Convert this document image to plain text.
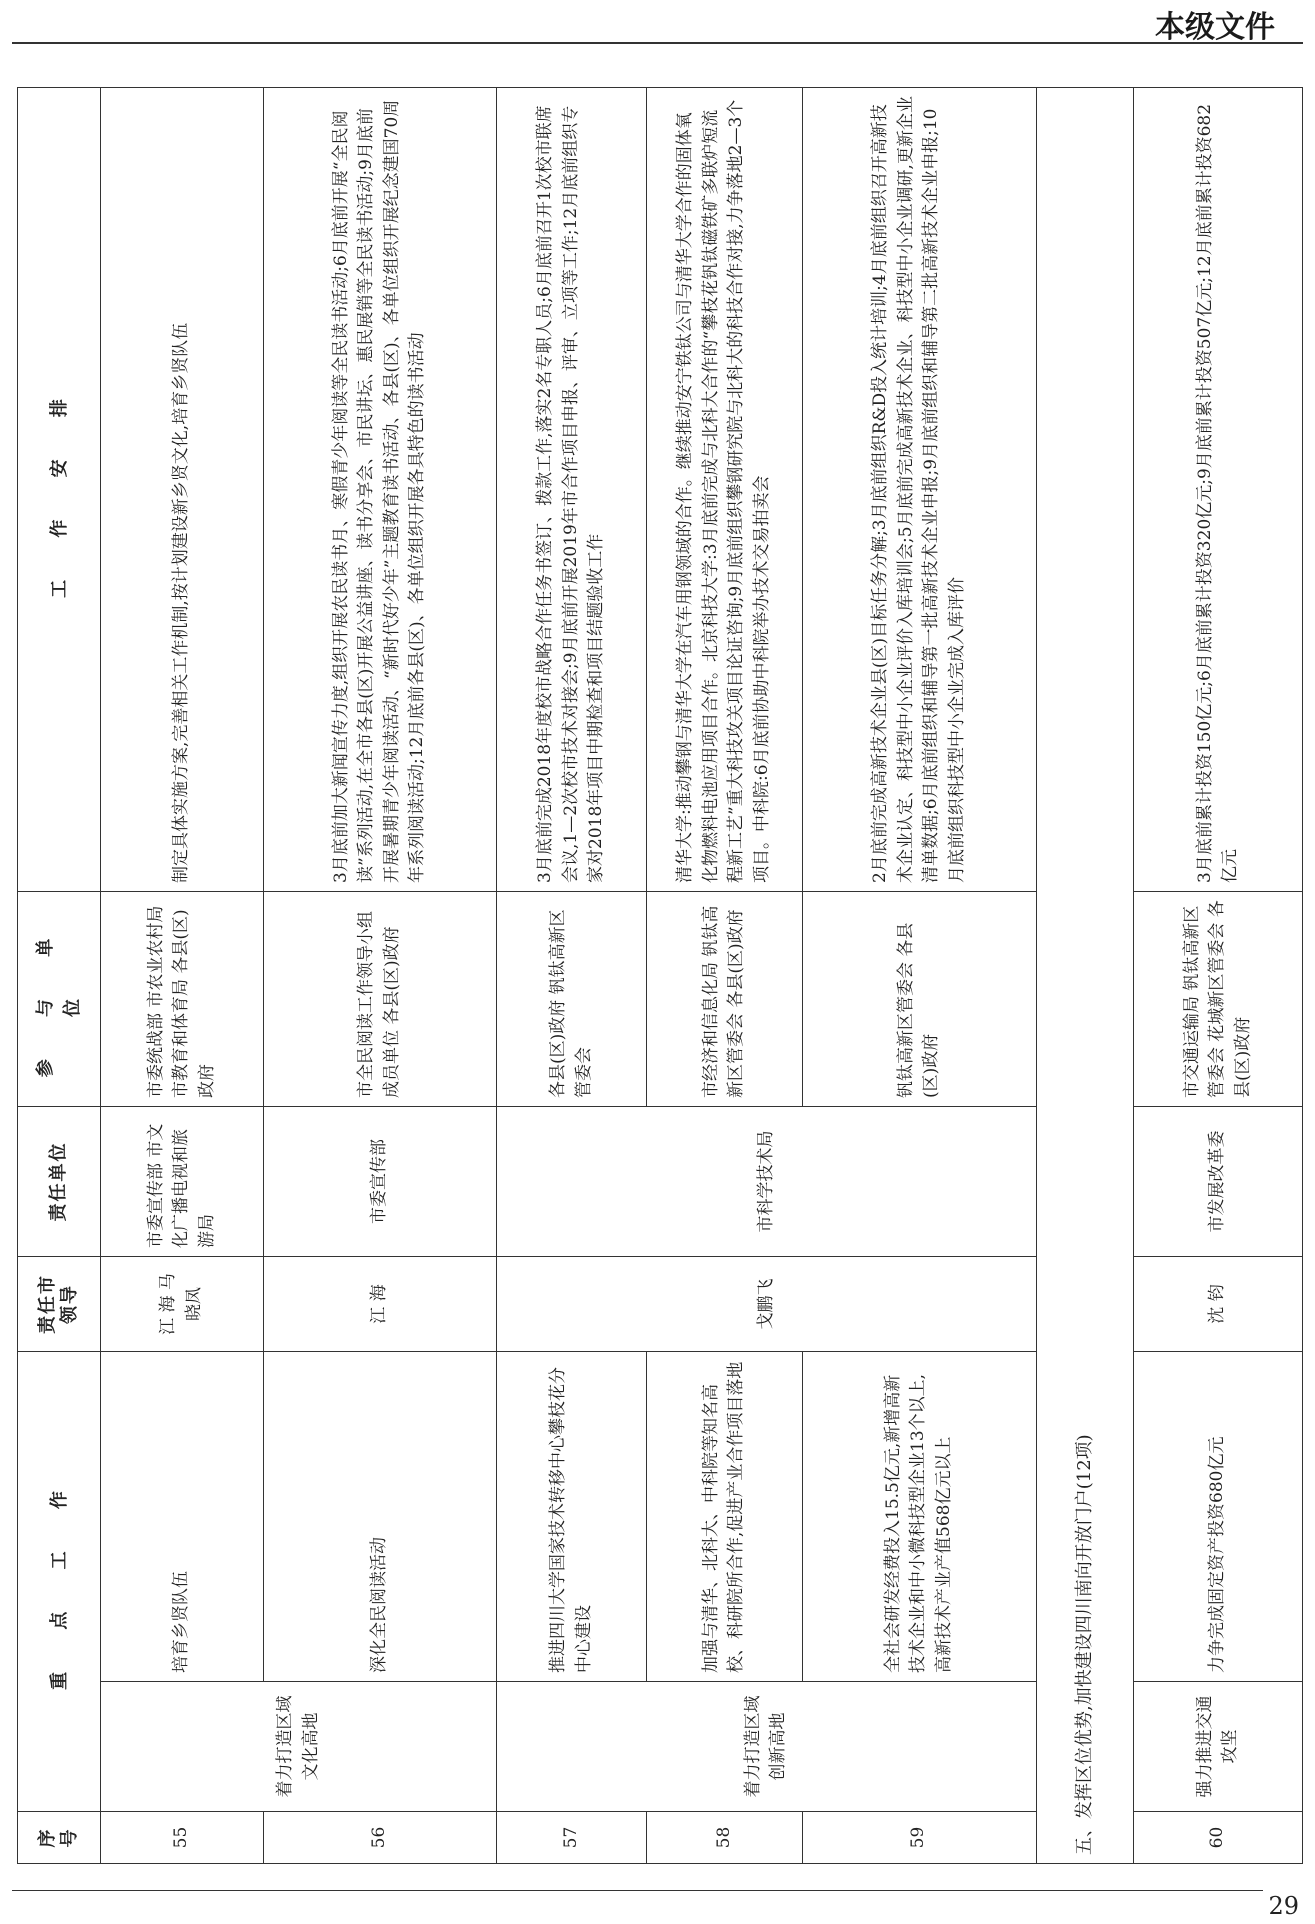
本级文件
序号	重 点 工 作		责任市领导	责任单位	参 与 单 位	工 作 安 排
55	着力打造区域文化高地	培育乡贤队伍	江 海 马晓凤	市委宣传部 市文化广播电视和旅游局	市委统战部 市农业农村局 市教育和体育局 各县(区)政府	制定具体实施方案,完善相关工作机制,按计划建设新乡贤文化,培育乡贤队伍
56		深化全民阅读活动	江 海	市委宣传部	市全民阅读工作领导小组成员单位 各县(区)政府	3月底前加大新闻宣传力度,组织开展农民读书月、寒假青少年阅读等全民读书活动;6月底前开展“全民阅读”系列活动,在全市各县(区)开展公益讲座、读书分享会、市民讲坛、惠民展销等全民读书活动;9月底前开展暑期青少年阅读活动、“新时代好少年”主题教育读书活动、各县(区)、各单位组织开展纪念建国70周年系列阅读活动;12月底前各县(区)、各单位组织开展各具特色的读书活动
57	着力打造区域创新高地	推进四川大学国家技术转移中心攀枝花分中心建设	戈鹏飞	市科学技术局	各县(区)政府 钒钛高新区管委会	3月底前完成2018年度校市战略合作任务书签订、拨款工作,落实2名专职人员;6月底前召开1次校市联席会议,1—2次校市技术对接会;9月底前开展2019年市合作项目申报、评审、立项等工作;12月底前组织专家对2018年项目中期检查和项目结题验收工作
58		加强与清华、北科大、中科院等知名高校、科研院所合作,促进产业合作项目落地			市经济和信息化局 钒钛高新区管委会 各县(区)政府	清华大学:推动攀钢与清华大学在汽车用钢领域的合作。继续推动安宁铁钛公司与清华大学合作的固体氧化物燃料电池应用项目合作。北京科技大学:3月底前完成与北科大合作的“攀枝花钒钛磁铁矿多联炉短流程新工艺”重大科技攻关项目论证咨询;9月底前组织攀钢研究院与北科大的科技合作对接,力争落地2—3个项目。中科院:6月底前协助中科院举办技术交易拍卖会
59		全社会研发经费投入15.5亿元,新增高新技术企业和中小微科技型企业13个以上,高新技术产业产值568亿元以上			钒钛高新区管委会 各县(区)政府	2月底前完成高新技术企业县(区)目标任务分解;3月底前组织R&D投入统计培训;4月底前组织召开高新技术企业认定、科技型中小企业评价入库培训会;5月底前完成高新技术企业、科技型中小企业调研,更新企业清单数据;6月底前组织和辅导第一批高新技术企业申报;9月底前组织和辅导第二批高新技术企业申报;10月底前组织科技型中小企业完成入库评价
五、发挥区位优势,加快建设四川南向开放门户(12项)						
60	强力推进交通攻坚	力争完成固定资产投资680亿元	沈 钧	市发展改革委	市交通运输局 钒钛高新区管委会 花城新区管委会 各县(区)政府	3月底前累计投资150亿元;6月底前累计投资320亿元;9月底前累计投资507亿元;12月底前累计投资682亿元
29
